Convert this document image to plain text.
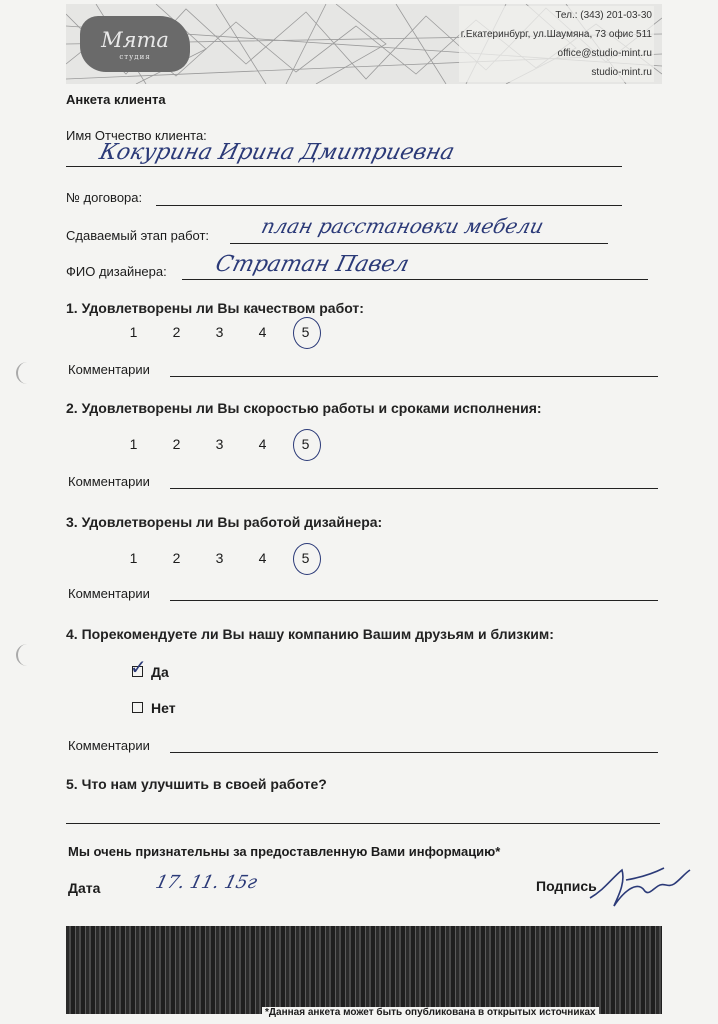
Мята
студия
Тел.: (343) 201-03-30
г.Екатеринбург, ул.Шаумяна, 73 офис 511
office@studio-mint.ru
studio-mint.ru
Анкета клиента
Имя Отчество клиента:
Кокурина Ирина Дмитриевна
№ договора:
Сдаваемый этап работ: план расстановки мебели
ФИО дизайнера: Стратан Павел
1. Удовлетворены ли Вы качеством работ:
1	2	3	4	5
Комментарии
2. Удовлетворены ли Вы скоростью работы и сроками исполнения:
1	2	3	4	5
Комментарии
3. Удовлетворены ли Вы работой дизайнера:
1	2	3	4	5
Комментарии
4. Порекомендуете ли Вы нашу компанию Вашим друзьям и близким:
✓ Да
Нет
Комментарии
5. Что нам улучшить в своей работе?
Мы очень признательны за предоставленную Вами информацию*
Дата	17. 11. 15г	Подпись
*Данная анкета может быть опубликована в открытых источниках
